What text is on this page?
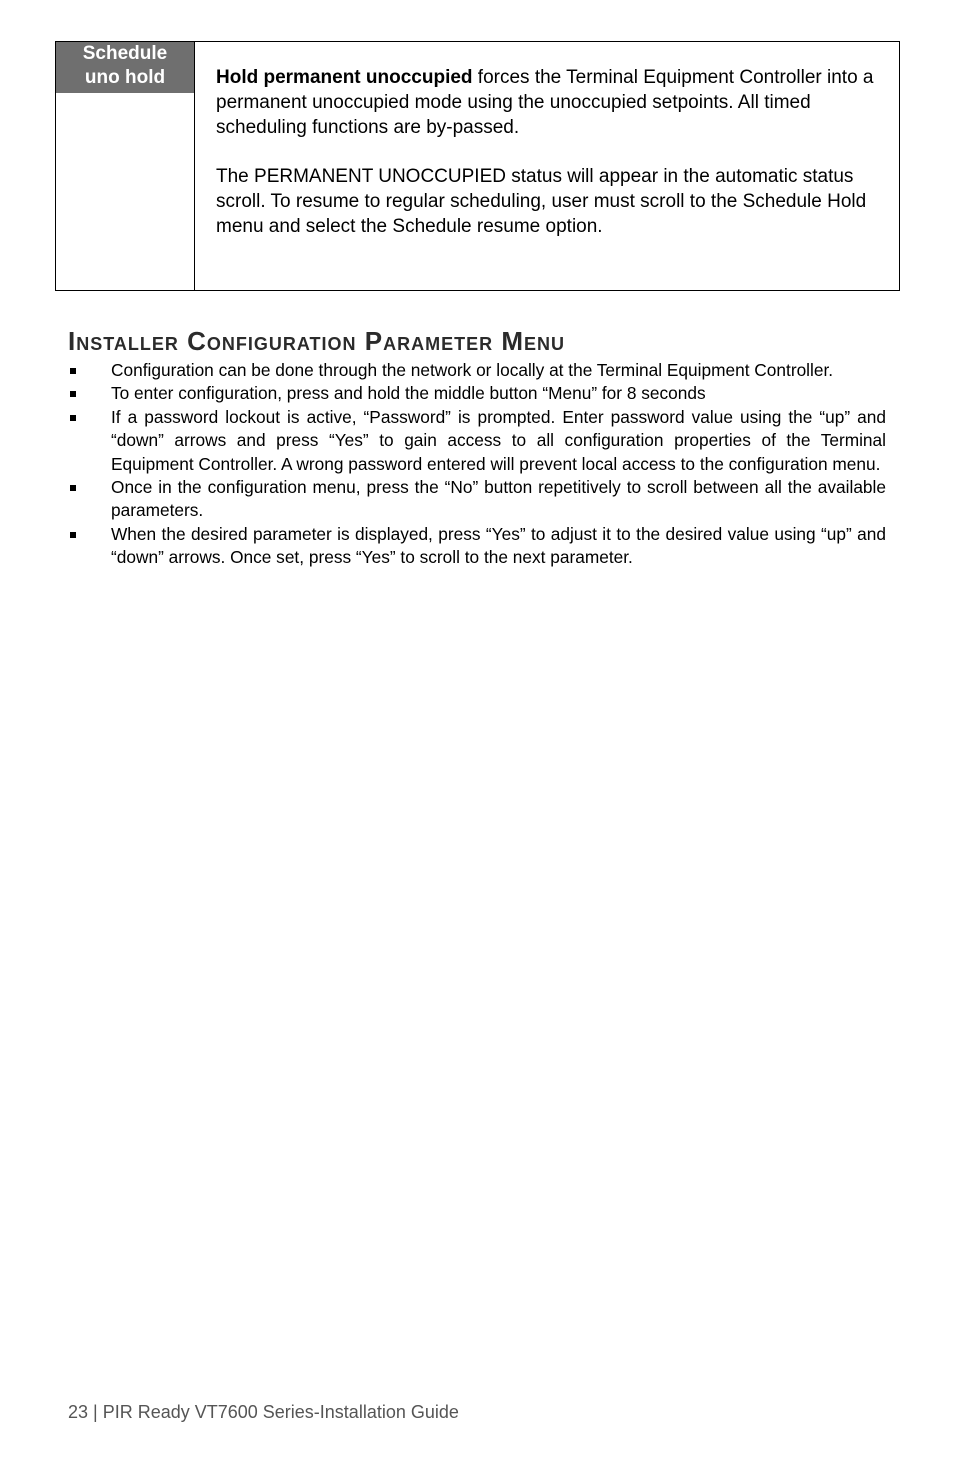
Schedule
uno hold	Hold permanent unoccupied forces the Terminal Equipment Controller into a permanent unoccupied mode using the unoccupied setpoints. All timed scheduling functions are by-passed.

The PERMANENT UNOCCUPIED status will appear in the automatic status scroll. To resume to regular scheduling, user must scroll to the Schedule Hold menu and select the Schedule resume option.

Installer Configuration Parameter Menu
Configuration can be done through the network or locally at the Terminal Equipment Controller.
To enter configuration, press and hold the middle button “Menu” for 8 seconds
If a password lockout is active, “Password” is prompted. Enter password value using the “up” and “down” arrows and press “Yes” to gain access to all configuration properties of the Terminal Equipment Controller. A wrong password entered will prevent local access to the configuration menu.
Once in the configuration menu, press the “No” button repetitively to scroll between all the available parameters.
When the desired parameter is displayed, press “Yes” to adjust it to the desired value using “up” and “down” arrows. Once set, press “Yes” to scroll to the next parameter.
23 | PIR Ready VT7600 Series-Installation Guide
